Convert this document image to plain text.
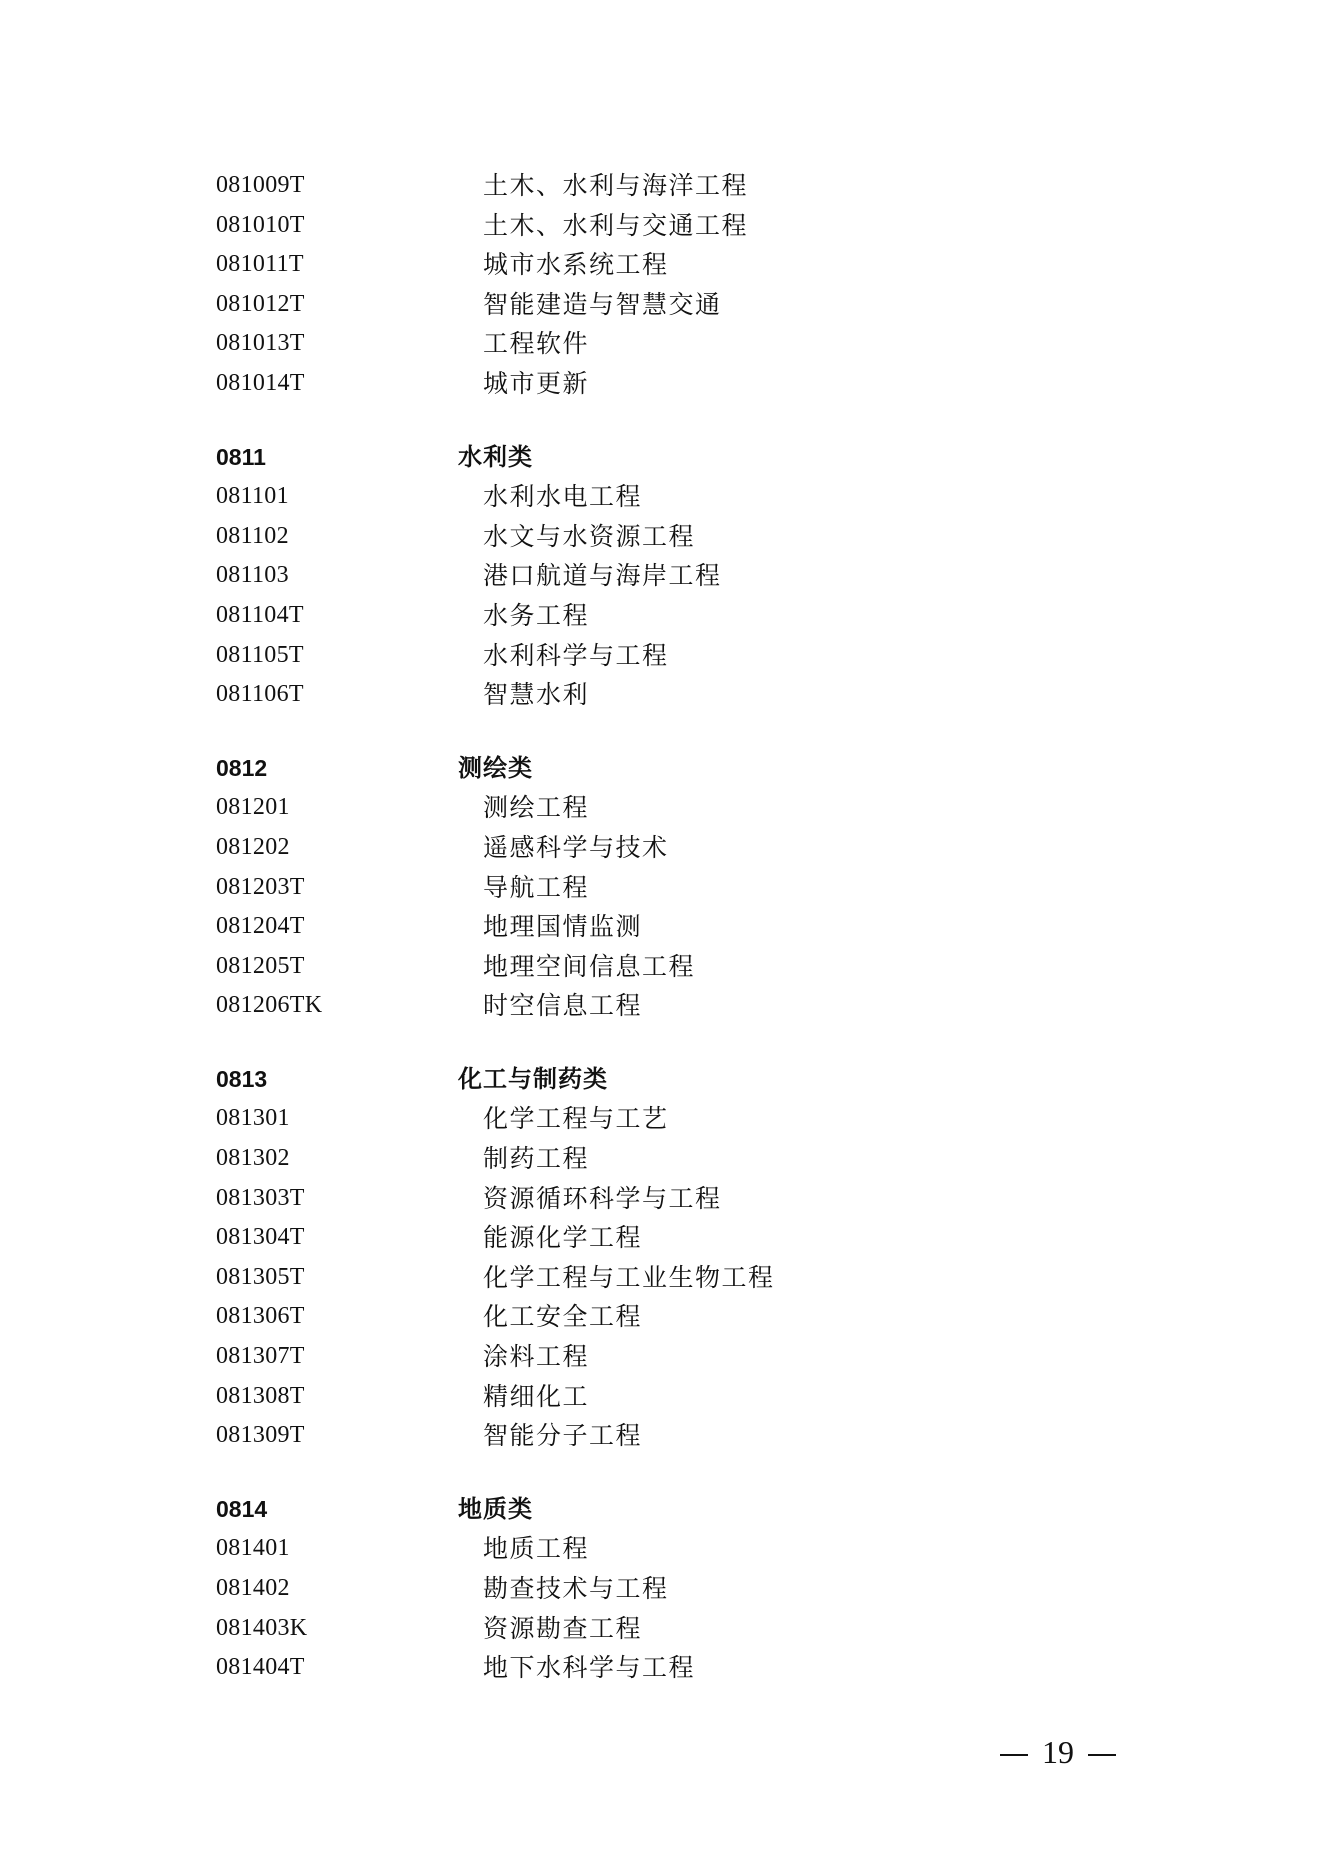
081009T	土木、水利与海洋工程
081010T	土木、水利与交通工程
081011T	城市水系统工程
081012T	智能建造与智慧交通
081013T	工程软件
081014T	城市更新
0811	水利类
081101	水利水电工程
081102	水文与水资源工程
081103	港口航道与海岸工程
081104T	水务工程
081105T	水利科学与工程
081106T	智慧水利
0812	测绘类
081201	测绘工程
081202	遥感科学与技术
081203T	导航工程
081204T	地理国情监测
081205T	地理空间信息工程
081206TK	时空信息工程
0813	化工与制药类
081301	化学工程与工艺
081302	制药工程
081303T	资源循环科学与工程
081304T	能源化学工程
081305T	化学工程与工业生物工程
081306T	化工安全工程
081307T	涂料工程
081308T	精细化工
081309T	智能分子工程
0814	地质类
081401	地质工程
081402	勘查技术与工程
081403K	资源勘查工程
081404T	地下水科学与工程
19
